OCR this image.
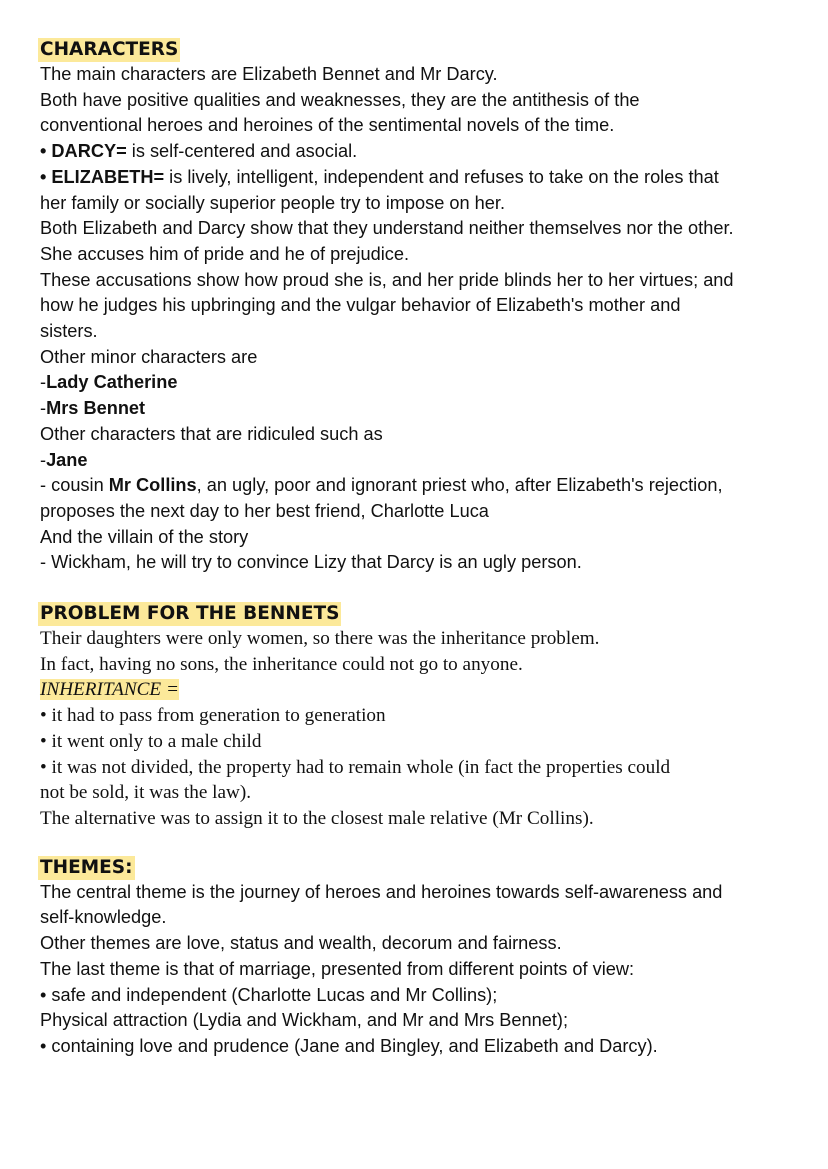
CHARACTERS

The main characters are Elizabeth Bennet and Mr Darcy.

Both have positive qualities and weaknesses, they are the antithesis of the

conventional heroes and heroines of the sentimental novels of the time.

• DARCY= is self-centered and asocial.

• ELIZABETH= is lively, intelligent, independent and refuses to take on the roles that

her family or socially superior people try to impose on her.

Both Elizabeth and Darcy show that they understand neither themselves nor the other.

She accuses him of pride and he of prejudice.

These accusations show how proud she is, and her pride blinds her to her virtues; and

how he judges his upbringing and the vulgar behavior of Elizabeth's mother and

sisters.

Other minor characters are

-Lady Catherine

-Mrs Bennet

Other characters that are ridiculed such as

-Jane

- cousin Mr Collins, an ugly, poor and ignorant priest who, after Elizabeth's rejection,

proposes the next day to her best friend, Charlotte Luca

And the villain of the story

- Wickham, he will try to convince Lizy that Darcy is an ugly person.

PROBLEM FOR THE BENNETS

Their daughters were only women, so there was the inheritance problem.

In fact, having no sons, the inheritance could not go to anyone.

INHERITANCE =

• it had to pass from generation to generation

• it went only to a male child

• it was not divided, the property had to remain whole (in fact the properties could

not be sold, it was the law).

The alternative was to assign it to the closest male relative (Mr Collins).

THEMES:

The central theme is the journey of heroes and heroines towards self-awareness and

self-knowledge.

Other themes are love, status and wealth, decorum and fairness.

The last theme is that of marriage, presented from different points of view:

• safe and independent (Charlotte Lucas and Mr Collins);

Physical attraction (Lydia and Wickham, and Mr and Mrs Bennet);

• containing love and prudence (Jane and Bingley, and Elizabeth and Darcy).
